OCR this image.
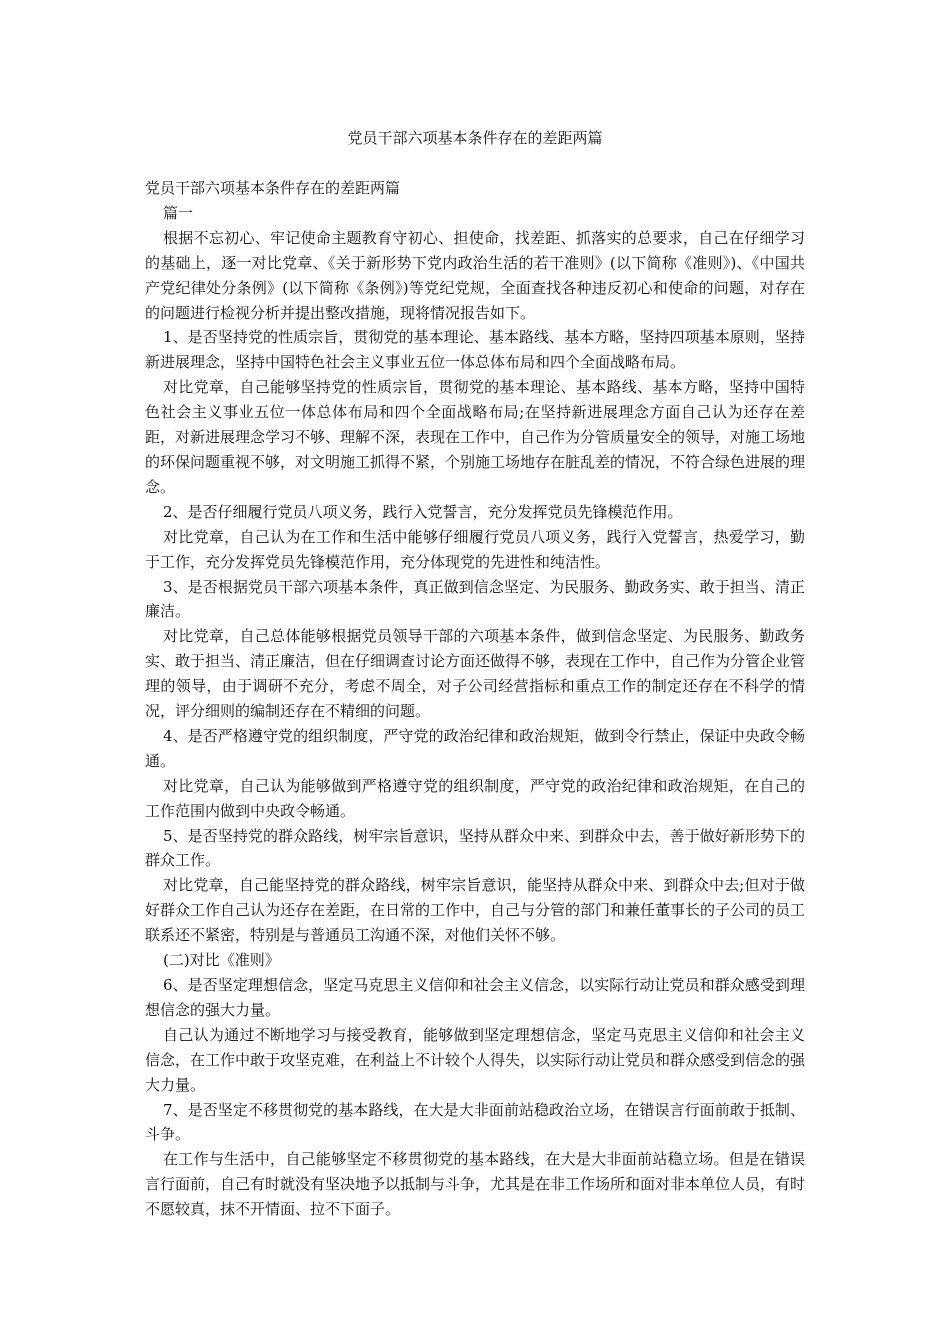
党员干部六项基本条件存在的差距两篇

党员干部六项基本条件存在的差距两篇

篇一

根据不忘初心、牢记使命主题教育守初心、担使命，找差距、抓落实的总要求，自己在仔细学习的基础上，逐一对比党章、《关于新形势下党内政治生活的若干准则》(以下简称《准则》)、《中国共产党纪律处分条例》(以下简称《条例》)等党纪党规，全面查找各种违反初心和使命的问题，对存在的问题进行检视分析并提出整改措施，现将情况报告如下。

1、是否坚持党的性质宗旨，贯彻党的基本理论、基本路线、基本方略，坚持四项基本原则，坚持新进展理念，坚持中国特色社会主义事业五位一体总体布局和四个全面战略布局。

对比党章，自己能够坚持党的性质宗旨，贯彻党的基本理论、基本路线、基本方略，坚持中国特色社会主义事业五位一体总体布局和四个全面战略布局;在坚持新进展理念方面自己认为还存在差距，对新进展理念学习不够、理解不深，表现在工作中，自己作为分管质量安全的领导，对施工场地的环保问题重视不够，对文明施工抓得不紧，个别施工场地存在脏乱差的情况，不符合绿色进展的理念。

2、是否仔细履行党员八项义务，践行入党誓言，充分发挥党员先锋模范作用。

对比党章，自己认为在工作和生活中能够仔细履行党员八项义务，践行入党誓言，热爱学习，勤于工作，充分发挥党员先锋模范作用，充分体现党的先进性和纯洁性。

3、是否根据党员干部六项基本条件，真正做到信念坚定、为民服务、勤政务实、敢于担当、清正廉洁。

对比党章，自己总体能够根据党员领导干部的六项基本条件，做到信念坚定、为民服务、勤政务实、敢于担当、清正廉洁，但在仔细调查讨论方面还做得不够，表现在工作中，自己作为分管企业管理的领导，由于调研不充分，考虑不周全，对子公司经营指标和重点工作的制定还存在不科学的情况，评分细则的编制还存在不精细的问题。

4、是否严格遵守党的组织制度，严守党的政治纪律和政治规矩，做到令行禁止，保证中央政令畅通。

对比党章，自己认为能够做到严格遵守党的组织制度，严守党的政治纪律和政治规矩，在自己的工作范围内做到中央政令畅通。

5、是否坚持党的群众路线，树牢宗旨意识，坚持从群众中来、到群众中去，善于做好新形势下的群众工作。

对比党章，自己能坚持党的群众路线，树牢宗旨意识，能坚持从群众中来、到群众中去;但对于做好群众工作自己认为还存在差距，在日常的工作中，自己与分管的部门和兼任董事长的子公司的员工联系还不紧密，特别是与普通员工沟通不深，对他们关怀不够。

(二)对比《准则》

6、是否坚定理想信念，坚定马克思主义信仰和社会主义信念，以实际行动让党员和群众感受到理想信念的强大力量。

自己认为通过不断地学习与接受教育，能够做到坚定理想信念，坚定马克思主义信仰和社会主义信念，在工作中敢于攻坚克难，在利益上不计较个人得失，以实际行动让党员和群众感受到信念的强大力量。

7、是否坚定不移贯彻党的基本路线，在大是大非面前站稳政治立场，在错误言行面前敢于抵制、斗争。

在工作与生活中，自己能够坚定不移贯彻党的基本路线，在大是大非面前站稳立场。但是在错误言行面前，自己有时就没有坚决地予以抵制与斗争，尤其是在非工作场所和面对非本单位人员，有时不愿较真，抹不开情面、拉不下面子。
